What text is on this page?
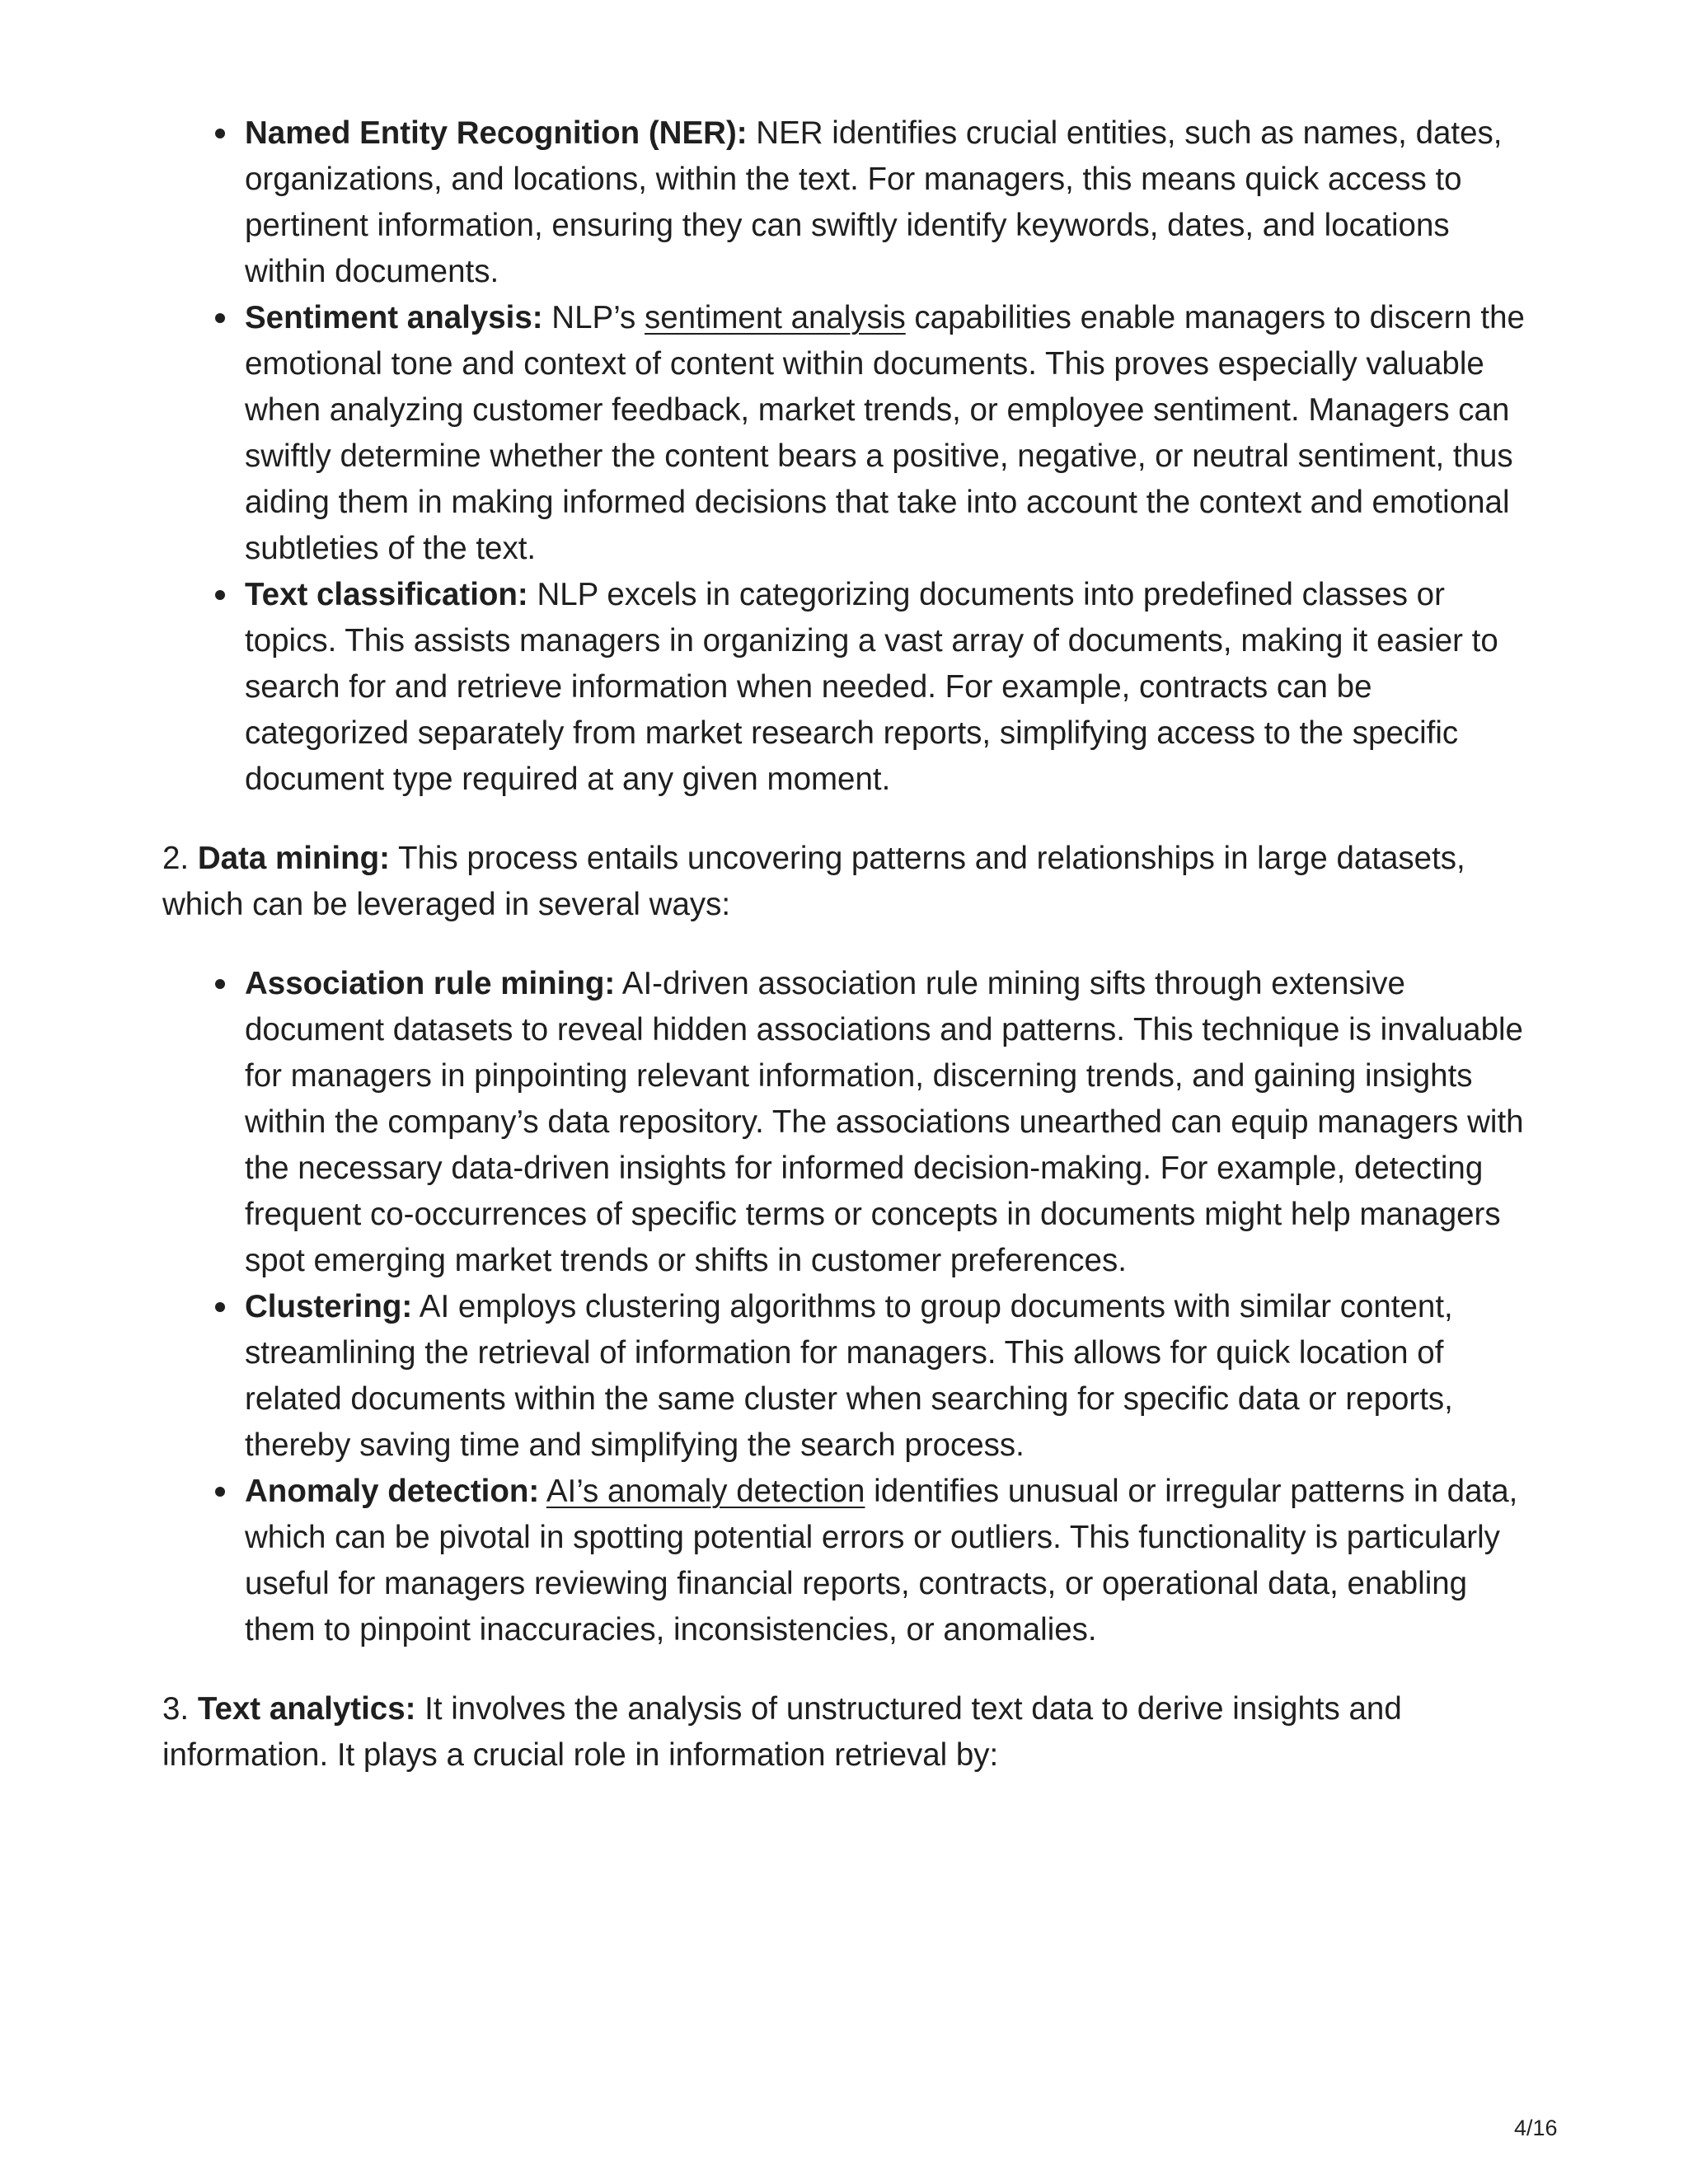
Named Entity Recognition (NER): NER identifies crucial entities, such as names, dates, organizations, and locations, within the text. For managers, this means quick access to pertinent information, ensuring they can swiftly identify keywords, dates, and locations within documents.
Sentiment analysis: NLP’s sentiment analysis capabilities enable managers to discern the emotional tone and context of content within documents. This proves especially valuable when analyzing customer feedback, market trends, or employee sentiment. Managers can swiftly determine whether the content bears a positive, negative, or neutral sentiment, thus aiding them in making informed decisions that take into account the context and emotional subtleties of the text.
Text classification: NLP excels in categorizing documents into predefined classes or topics. This assists managers in organizing a vast array of documents, making it easier to search for and retrieve information when needed. For example, contracts can be categorized separately from market research reports, simplifying access to the specific document type required at any given moment.

2. Data mining: This process entails uncovering patterns and relationships in large datasets, which can be leveraged in several ways:

Association rule mining: AI-driven association rule mining sifts through extensive document datasets to reveal hidden associations and patterns. This technique is invaluable for managers in pinpointing relevant information, discerning trends, and gaining insights within the company’s data repository. The associations unearthed can equip managers with the necessary data-driven insights for informed decision-making. For example, detecting frequent co-occurrences of specific terms or concepts in documents might help managers spot emerging market trends or shifts in customer preferences.
Clustering: AI employs clustering algorithms to group documents with similar content, streamlining the retrieval of information for managers. This allows for quick location of related documents within the same cluster when searching for specific data or reports, thereby saving time and simplifying the search process.
Anomaly detection: AI’s anomaly detection identifies unusual or irregular patterns in data, which can be pivotal in spotting potential errors or outliers. This functionality is particularly useful for managers reviewing financial reports, contracts, or operational data, enabling them to pinpoint inaccuracies, inconsistencies, or anomalies.

3. Text analytics: It involves the analysis of unstructured text data to derive insights and information. It plays a crucial role in information retrieval by:

4/16
